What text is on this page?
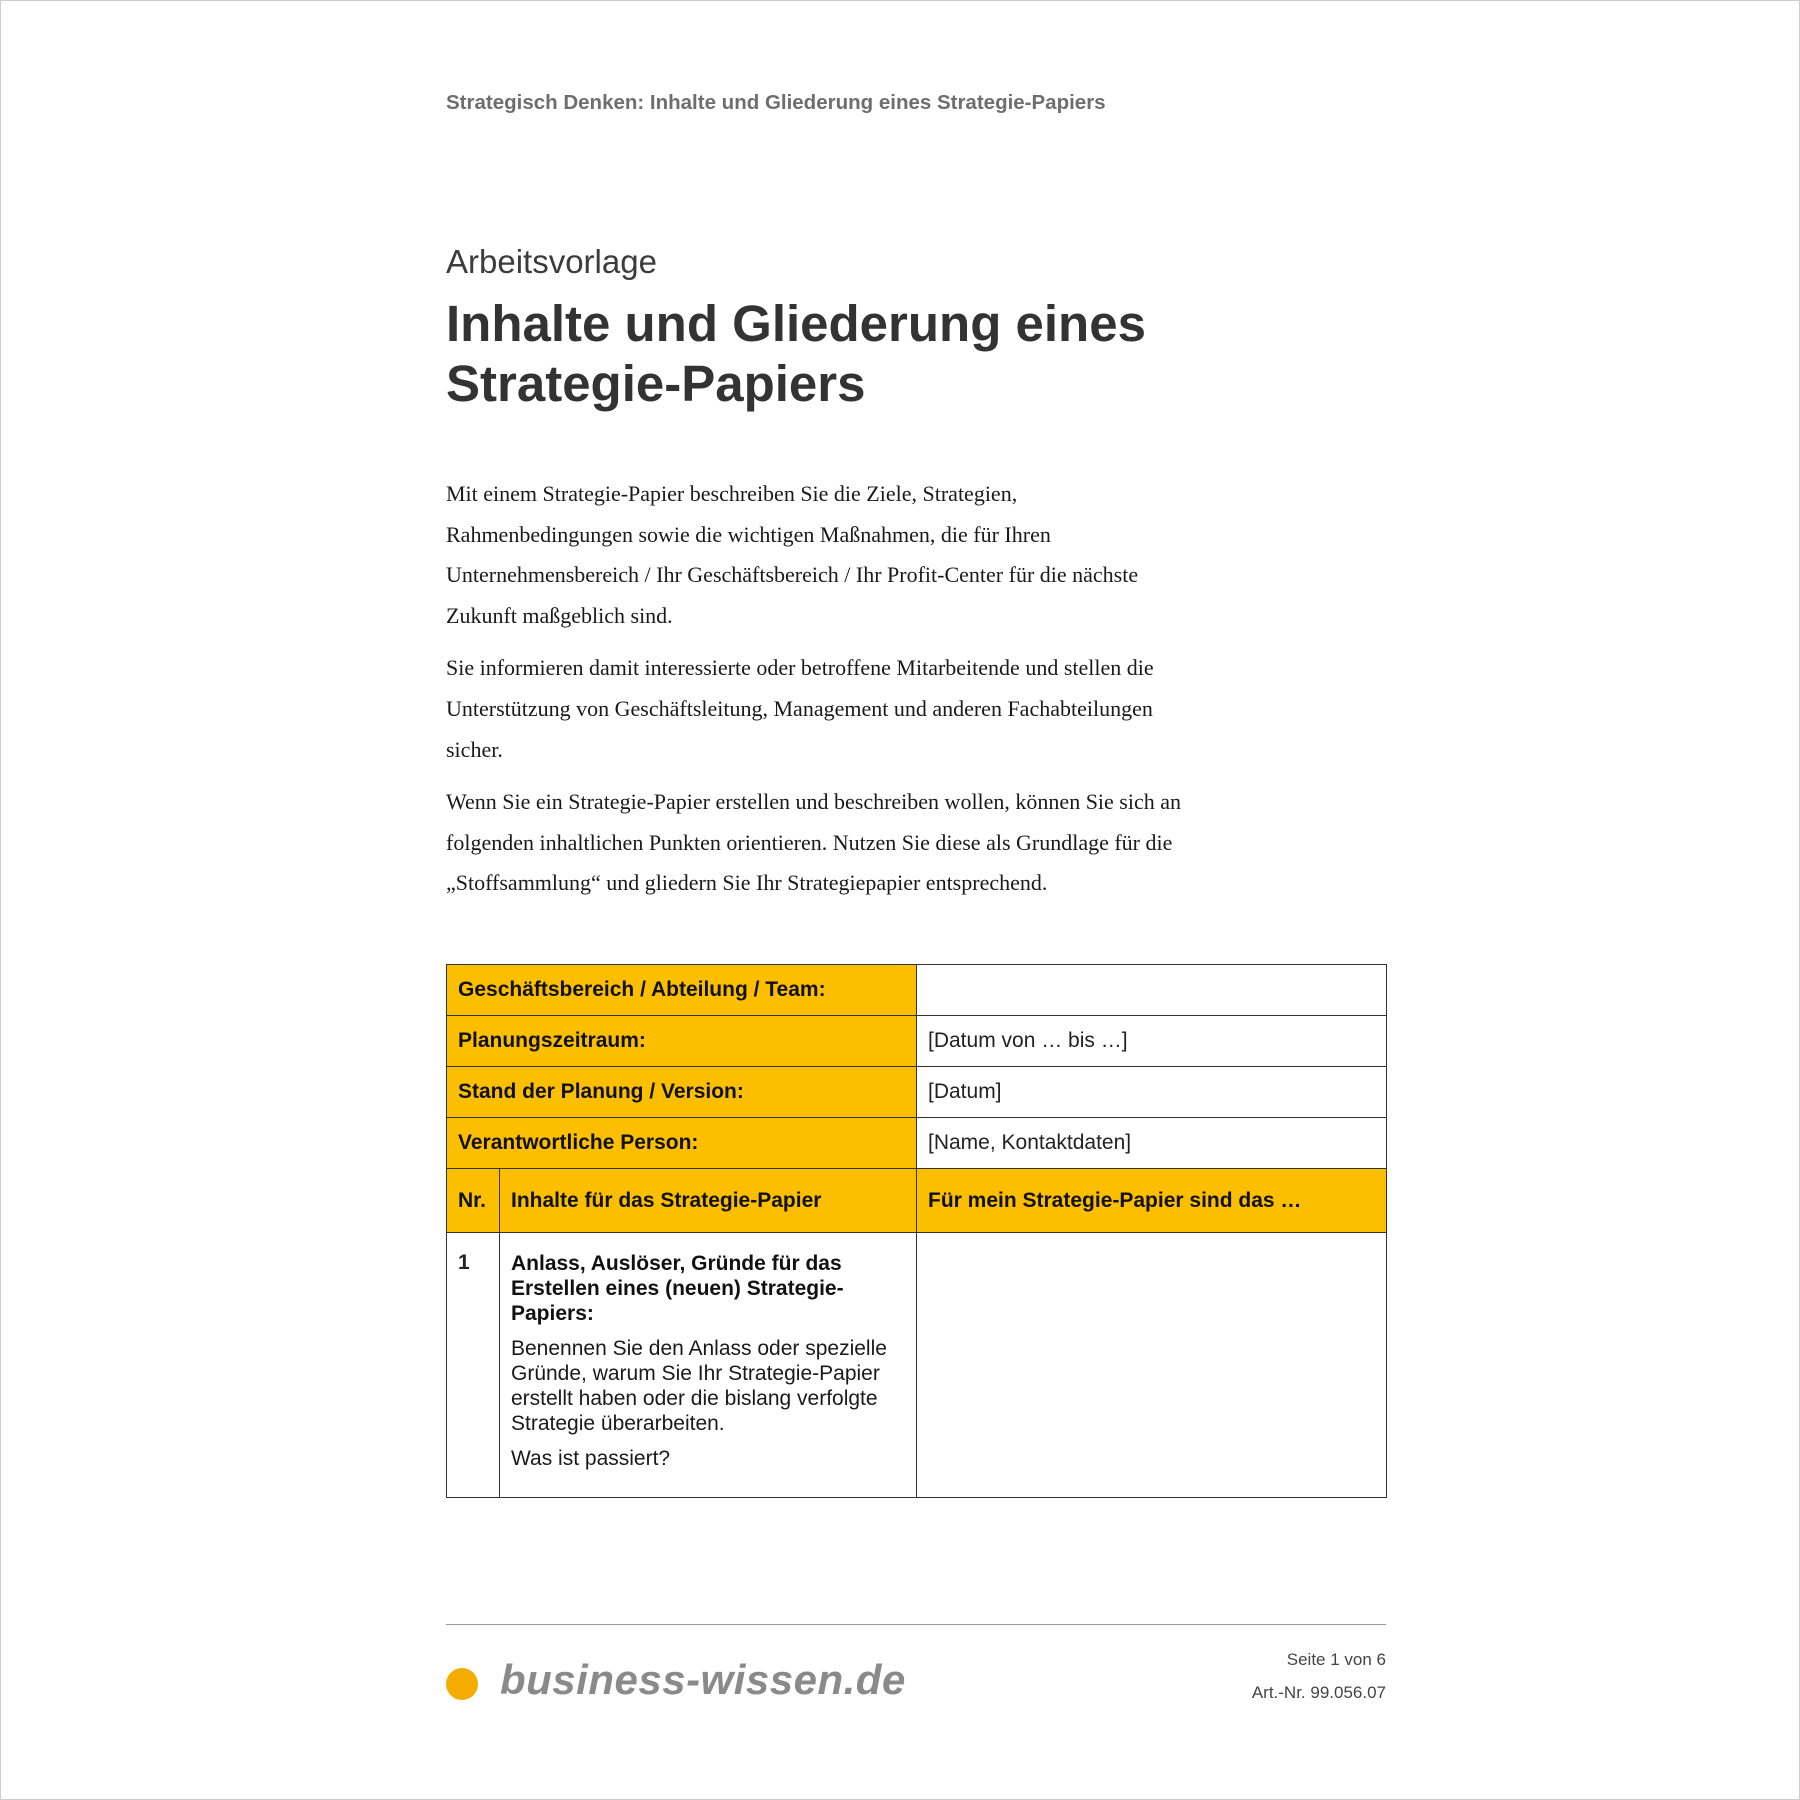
Strategisch Denken: Inhalte und Gliederung eines Strategie-Papiers
Arbeitsvorlage
Inhalte und Gliederung eines
Strategie-Papiers

Mit einem Strategie-Papier beschreiben Sie die Ziele, Strategien, Rahmenbedingungen sowie die wichtigen Maßnahmen, die für Ihren Unternehmensbereich / Ihr Geschäftsbereich / Ihr Profit-Center für die nächste Zukunft maßgeblich sind.

Sie informieren damit interessierte oder betroffene Mitarbeitende und stellen die Unterstützung von Geschäftsleitung, Management und anderen Fachabteilungen sicher.

Wenn Sie ein Strategie-Papier erstellen und beschreiben wollen, können Sie sich an folgenden inhaltlichen Punkten orientieren. Nutzen Sie diese als Grundlage für die „Stoffsammlung“ und gliedern Sie Ihr Strategiepapier entsprechend.

Geschäftsbereich / Abteilung / Team:		
Planungszeitraum:		[Datum von … bis …]
Stand der Planung / Version:		[Datum]
Verantwortliche Person:		[Name, Kontaktdaten]
Nr.	Inhalte für das Strategie-Papier	Für mein Strategie-Papier sind das …
1	Anlass, Auslöser, Gründe für das Erstellen eines (neuen) Strategie-Papiers:
Benennen Sie den Anlass oder spezielle Gründe, warum Sie Ihr Strategie-Papier erstellt haben oder die bislang verfolgte Strategie überarbeiten.
Was ist passiert?	

business-wissen.de	Seite 1 von 6
Art.-Nr. 99.056.07
